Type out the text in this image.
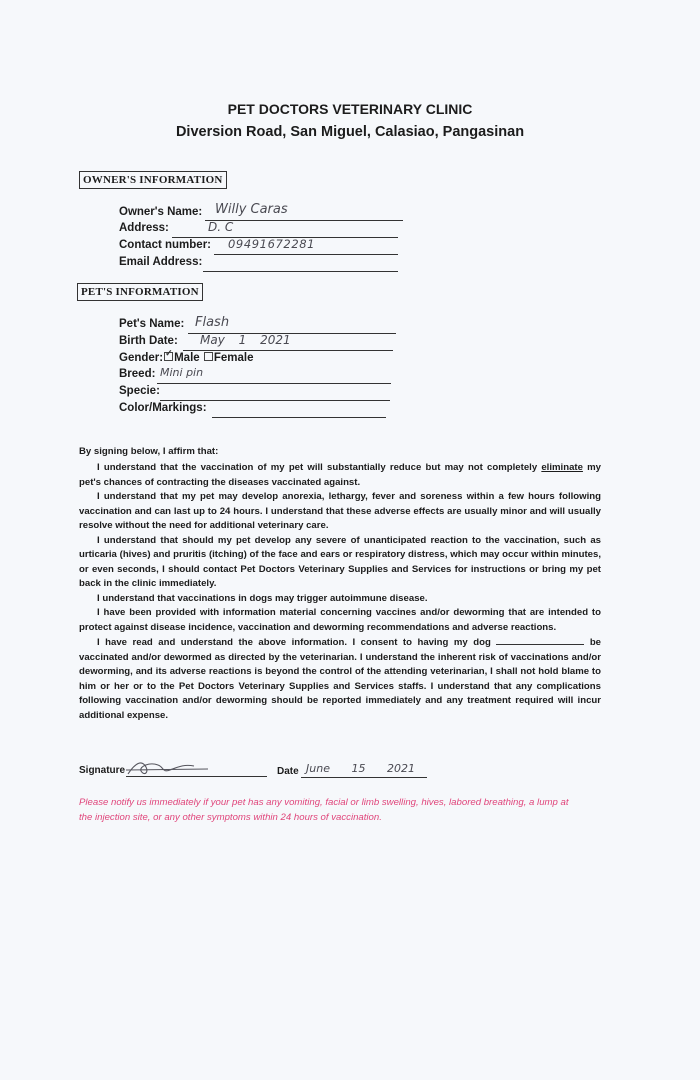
PET DOCTORS VETERINARY CLINIC
Diversion Road, San Miguel, Calasiao, Pangasinan
OWNER'S INFORMATION
Owner's Name: Willy Caras
Address:	D. C
Contact number: 09491672281
Email Address:
PET'S INFORMATION
Pet's Name: Flash
Birth Date: May 1 2021
Gender: ✓ Male Female
Breed: Mini pin
Specie:
Color/Markings:
By signing below, I affirm that:

I understand that the vaccination of my pet will substantially reduce but may not completely eliminate my pet's chances of contracting the diseases vaccinated against.

I understand that my pet may develop anorexia, lethargy, fever and soreness within a few hours following vaccination and can last up to 24 hours. I understand that these adverse effects are usually minor and will usually resolve without the need for additional veterinary care.

I understand that should my pet develop any severe of unanticipated reaction to the vaccination, such as urticaria (hives) and pruritis (itching) of the face and ears or respiratory distress, which may occur within minutes, or even seconds, I should contact Pet Doctors Veterinary Supplies and Services for instructions or bring my pet back in the clinic immediately.

I understand that vaccinations in dogs may trigger autoimmune disease.

I have been provided with information material concerning vaccines and/or deworming that are intended to protect against disease incidence, vaccination and deworming recommendations and adverse reactions.

I have read and understand the above information. I consent to having my dog	be vaccinated and/or dewormed as directed by the veterinarian. I understand the inherent risk of vaccinations and/or deworming, and its adverse reactions is beyond the control of the attending veterinarian, I shall not hold blame to him or her or to the Pet Doctors Veterinary Supplies and Services staffs. I understand that any complications following vaccination and/or deworming should be reported immediately and any treatment required will incur additional expense.

Signature	Date June 15 2021
Please notify us immediately if your pet has any vomiting, facial or limb swelling, hives, labored breathing, a lump at the injection site, or any other symptoms within 24 hours of vaccination.
